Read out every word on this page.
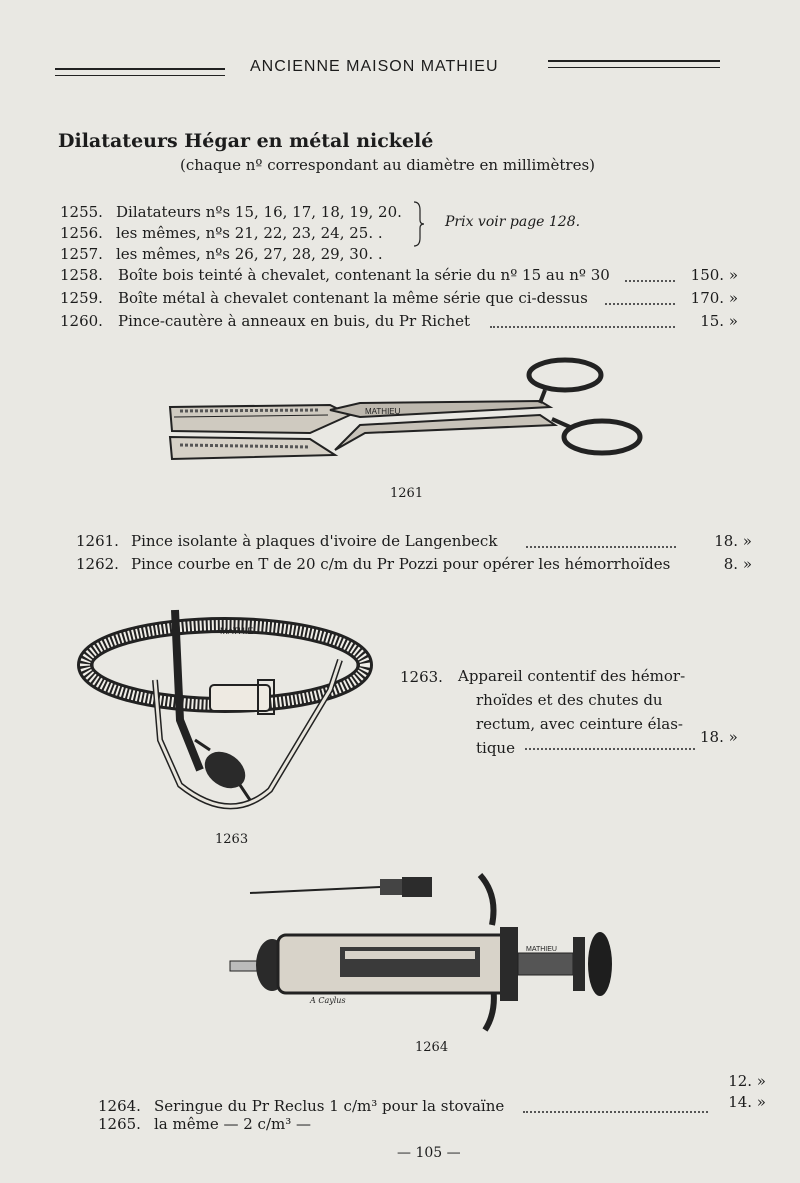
ANCIENNE MAISON MATHIEU
Dilatateurs Hégar en métal nickelé
(chaque nº correspondant au diamètre en millimètres)
1255. Dilatateurs nºs 15, 16, 17, 18, 19, 20.
1256. les mêmes, nºs 21, 22, 23, 24, 25. .
1257. les mêmes, nºs 26, 27, 28, 29, 30. .
Prix voir page 128.
1258. Boîte bois teinté à chevalet, contenant la série du nº 15 au nº 30	150. »
1259. Boîte métal à chevalet contenant la même série que ci-dessus	170. »
1260. Pince-cautère à anneaux en buis, du Pr Richet	15. »
MATHIEU
1261
1261. Pince isolante à plaques d'ivoire de Langenbeck	18. »
1262. Pince courbe en T de 20 c/m du Pr Pozzi pour opérer les hémorrhoïdes	8. »
MATHIEU
1263
1263. Appareil contentif des hémor-
rhoïdes et des chutes du
rectum, avec ceinture élas-
tique
18. »
MATHIEU
A Caylus
1264
1264. Seringue du Pr Reclus 1 c/m³ pour la stovaïne
12. »
1265. la même — 2 c/m³ —
14. »
— 105 —
